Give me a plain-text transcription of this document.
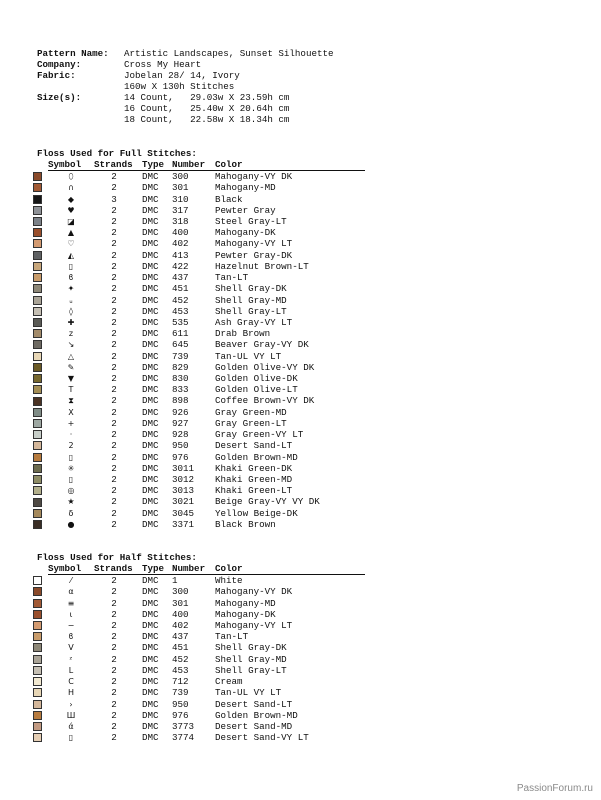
Pattern Name:	Artistic Landscapes, Sunset Silhouette
Company:	Cross My Heart
Fabric:	Jobelan 28/ 14, Ivory
160w X 130h Stitches
Size(s):	14 Count,   29.03w X 23.59h cm
16 Count,   25.40w X 20.64h cm
18 Count,   22.58w X 18.34h cm
Floss Used for Full Stitches:
	Symbol	Strands	Type	Number	Color
	⬯	2	DMC	300	Mahogany-VY DK
	∩	2	DMC	301	Mahogany-MD
	◆	3	DMC	310	Black
	♥	2	DMC	317	Pewter Gray
	◪	2	DMC	318	Steel Gray-LT
	▲	2	DMC	400	Mahogany-DK
	♡	2	DMC	402	Mahogany-VY LT
	◭	2	DMC	413	Pewter Gray-DK
	▯	2	DMC	422	Hazelnut Brown-LT
	ϐ	2	DMC	437	Tan-LT
	✦	2	DMC	451	Shell Gray-DK
	ᵤ	2	DMC	452	Shell Gray-MD
	◊	2	DMC	453	Shell Gray-LT
	✚	2	DMC	535	Ash Gray-VY LT
	z	2	DMC	611	Drab Brown
	↘	2	DMC	645	Beaver Gray-VY DK
	△	2	DMC	739	Tan-UL VY LT
	✎	2	DMC	829	Golden Olive-VY DK
	▼	2	DMC	830	Golden Olive-DK
	T	2	DMC	833	Golden Olive-LT
	⧗	2	DMC	898	Coffee Brown-VY DK
	X	2	DMC	926	Gray Green-MD
	+	2	DMC	927	Gray Green-LT
	·	2	DMC	928	Gray Green-VY LT
	2	2	DMC	950	Desert Sand-LT
	▯	2	DMC	976	Golden Brown-MD
	✳	2	DMC	3011	Khaki Green-DK
	▯	2	DMC	3012	Khaki Green-MD
	◎	2	DMC	3013	Khaki Green-LT
	★	2	DMC	3021	Beige Gray-VY VY DK
	δ	2	DMC	3045	Yellow Beige-DK
	●	2	DMC	3371	Black Brown
Floss Used for Half Stitches:
	Symbol	Strands	Type	Number	Color
	⁄	2	DMC	1	White
	α	2	DMC	300	Mahogany-VY DK
	≡	2	DMC	301	Mahogany-MD
	ι	2	DMC	400	Mahogany-DK
	−	2	DMC	402	Mahogany-VY LT
	ϐ	2	DMC	437	Tan-LT
	V	2	DMC	451	Shell Gray-DK
	ᶻ	2	DMC	452	Shell Gray-MD
	L	2	DMC	453	Shell Gray-LT
	C	2	DMC	712	Cream
	H	2	DMC	739	Tan-UL VY LT
	›	2	DMC	950	Desert Sand-LT
	Ш	2	DMC	976	Golden Brown-MD
	ά	2	DMC	3773	Desert Sand-MD
	▯	2	DMC	3774	Desert Sand-VY LT
PassionForum.ru
